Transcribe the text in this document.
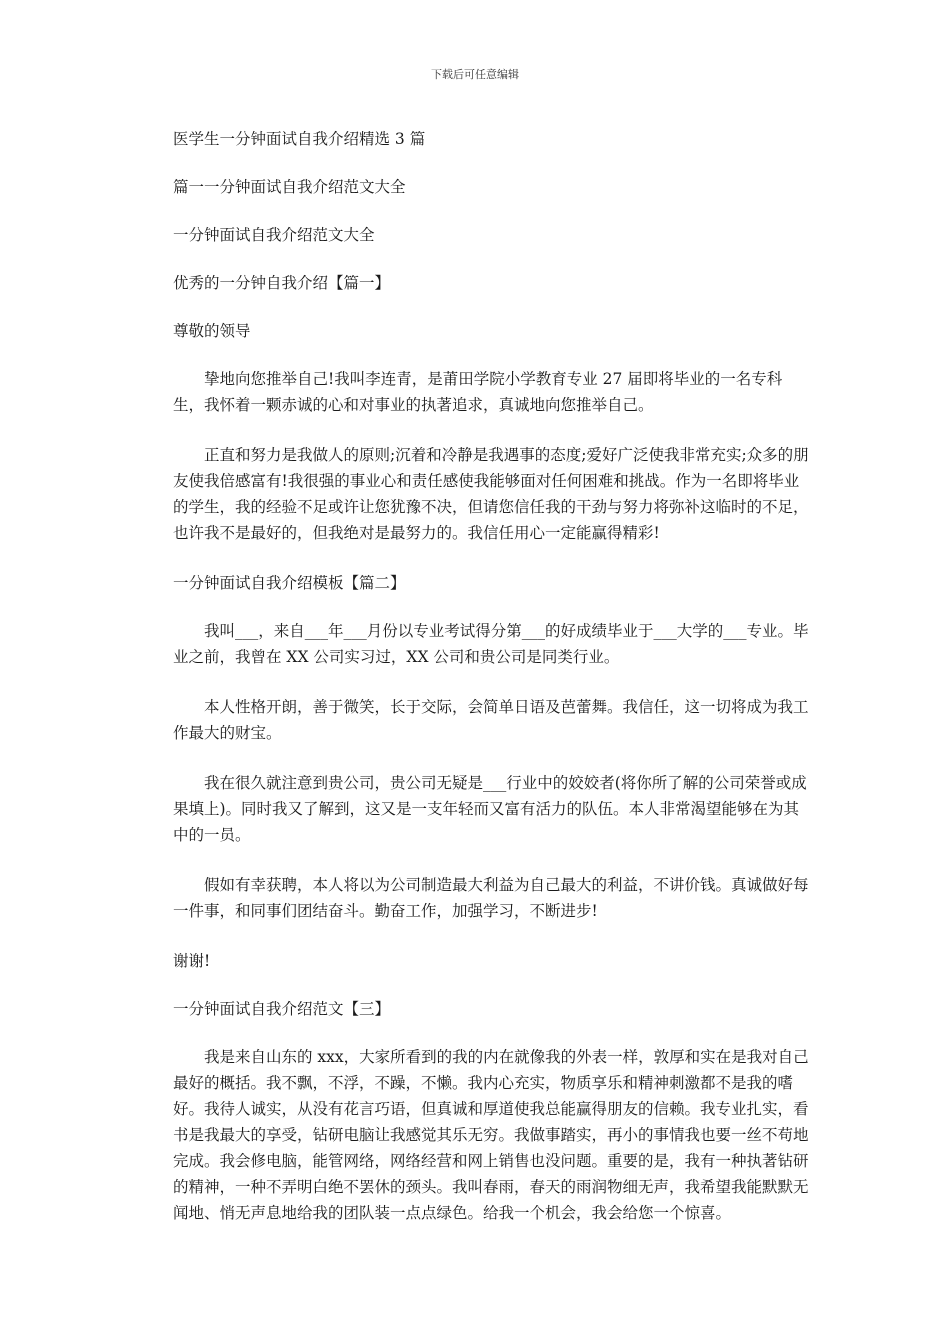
下载后可任意编辑

医学生一分钟面试自我介绍精选 3 篇

篇一一分钟面试自我介绍范文大全

一分钟面试自我介绍范文大全

优秀的一分钟自我介绍【篇一】

尊敬的领导

　　挚地向您推举自己!我叫李连青，是莆田学院小学教育专业 27 届即将毕业的一名专科生，我怀着一颗赤诚的心和对事业的执著追求，真诚地向您推举自己。

　　正直和努力是我做人的原则;沉着和冷静是我遇事的态度;爱好广泛使我非常充实;众多的朋友使我倍感富有!我很强的事业心和责任感使我能够面对任何困难和挑战。作为一名即将毕业的学生，我的经验不足或许让您犹豫不决，但请您信任我的干劲与努力将弥补这临时的不足，也许我不是最好的，但我绝对是最努力的。我信任用心一定能赢得精彩!

一分钟面试自我介绍模板【篇二】

　　我叫___，来自___年___月份以专业考试得分第___的好成绩毕业于___大学的___专业。毕业之前，我曾在 XX 公司实习过，XX 公司和贵公司是同类行业。

　　本人性格开朗，善于微笑，长于交际，会简单日语及芭蕾舞。我信任，这一切将成为我工作最大的财宝。

　　我在很久就注意到贵公司，贵公司无疑是___行业中的姣姣者(将你所了解的公司荣誉或成果填上)。同时我又了解到，这又是一支年轻而又富有活力的队伍。本人非常渴望能够在为其中的一员。

　　假如有幸获聘，本人将以为公司制造最大利益为自己最大的利益，不讲价钱。真诚做好每一件事，和同事们团结奋斗。勤奋工作，加强学习，不断进步!

谢谢!

一分钟面试自我介绍范文【三】

　　我是来自山东的 xxx，大家所看到的我的内在就像我的外表一样，敦厚和实在是我对自己最好的概括。我不飘，不浮，不躁，不懒。我内心充实，物质享乐和精神刺激都不是我的嗜好。我待人诚实，从没有花言巧语，但真诚和厚道使我总能赢得朋友的信赖。我专业扎实，看书是我最大的享受，钻研电脑让我感觉其乐无穷。我做事踏实，再小的事情我也要一丝不苟地完成。我会修电脑，能管网络，网络经营和网上销售也没问题。重要的是，我有一种执著钻研的精神，一种不弄明白绝不罢休的颈头。我叫春雨，春天的雨润物细无声，我希望我能默默无闻地、悄无声息地给我的团队装一点点绿色。给我一个机会，我会给您一个惊喜。
